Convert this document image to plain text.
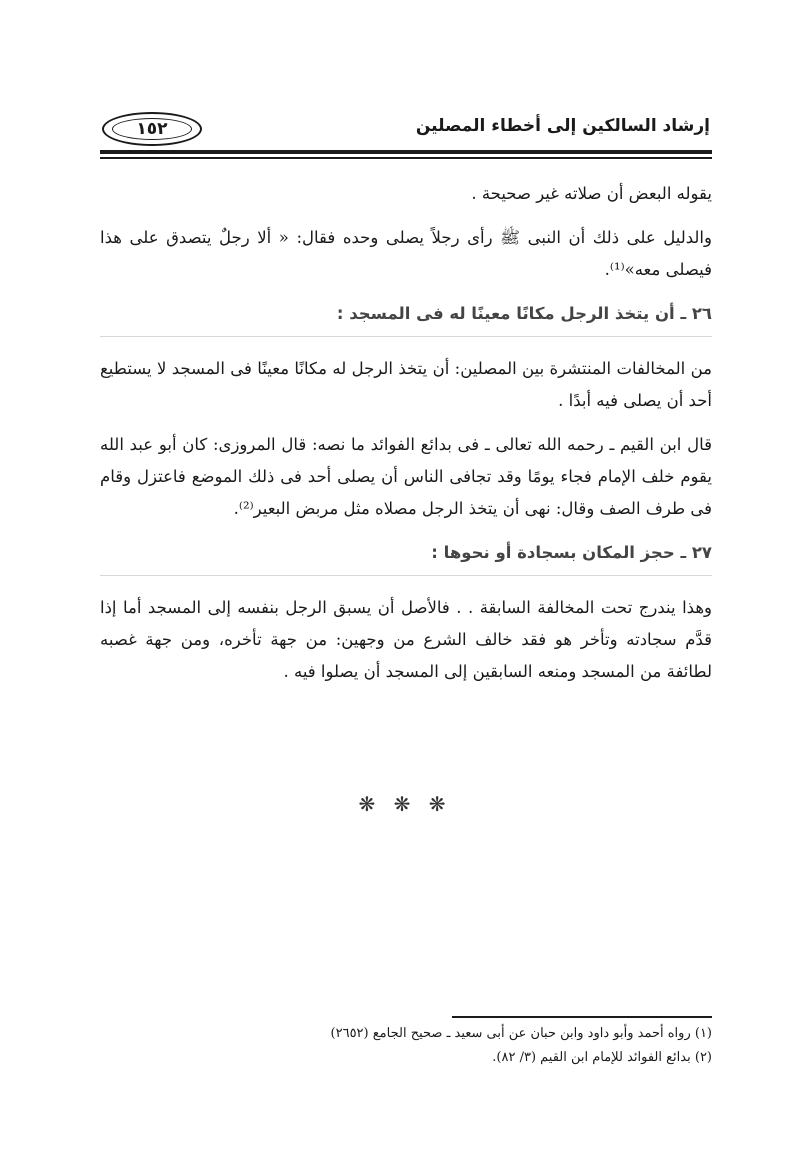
إرشاد السالكين إلى أخطاء المصلين
١٥٢

يقوله البعض أن صلاته غير صحيحة .

والدليل على ذلك أن النبى ﷺ رأى رجلاً يصلى وحده فقال: « ألا رجلٌ يتصدق على هذا فيصلى معه»⁽¹⁾.

٢٦ ـ أن يتخذ الرجل مكانًا معينًا له فى المسجد :

من المخالفات المنتشرة بين المصلين: أن يتخذ الرجل له مكانًا معينًا فى المسجد لا يستطيع أحد أن يصلى فيه أبدًا .

قال ابن القيم ـ رحمه الله تعالى ـ فى بدائع الفوائد ما نصه: قال المروزى: كان أبو عبد الله يقوم خلف الإمام فجاء يومًا وقد تجافى الناس أن يصلى أحد فى ذلك الموضع فاعتزل وقام فى طرف الصف وقال: نهى أن يتخذ الرجل مصلاه مثل مربض البعير⁽²⁾.

٢٧ ـ حجز المكان بسجادة أو نحوها :

وهذا يندرج تحت المخالفة السابقة . . فالأصل أن يسبق الرجل بنفسه إلى المسجد أما إذا قدَّم سجادته وتأخر هو فقد خالف الشرع من وجهين: من جهة تأخره، ومن جهة غصبه لطائفة من المسجد ومنعه السابقين إلى المسجد أن يصلوا فيه .

❋ ❋ ❋

(١) رواه أحمد وأبو داود وابن حبان عن أبى سعيد ـ صحيح الجامع (٢٦٥٢)

(٢) بدائع الفوائد للإمام ابن القيم (٣/ ٨٢).
